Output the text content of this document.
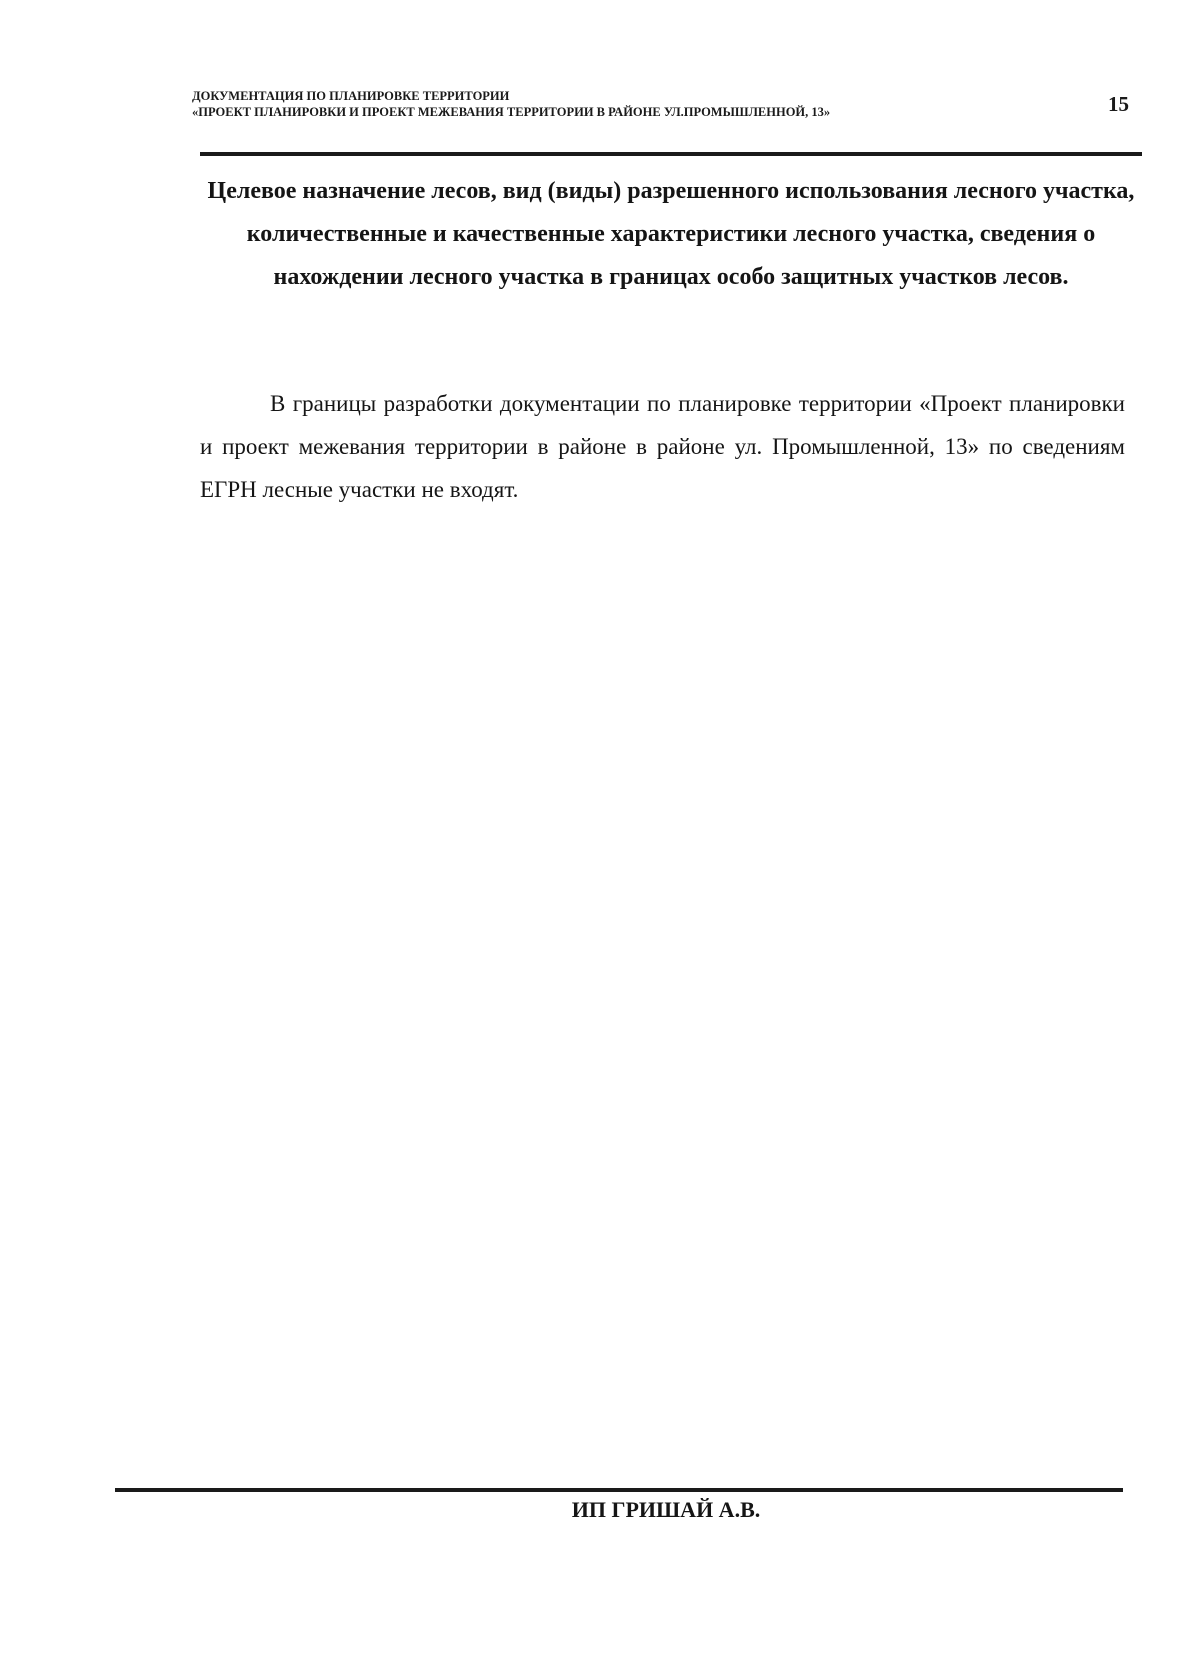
ДОКУМЕНТАЦИЯ ПО ПЛАНИРОВКЕ ТЕРРИТОРИИ
«ПРОЕКТ ПЛАНИРОВКИ И ПРОЕКТ МЕЖЕВАНИЯ ТЕРРИТОРИИ В РАЙОНЕ УЛ.ПРОМЫШЛЕННОЙ, 13»	15
Целевое назначение лесов, вид (виды) разрешенного использования лесного участка, количественные и качественные характеристики лесного участка, сведения о нахождении лесного участка в границах особо защитных участков лесов.
В границы разработки документации по планировке территории «Проект планировки и проект межевания территории в районе в районе ул. Промышленной, 13» по сведениям ЕГРН лесные участки не входят.
ИП ГРИШАЙ А.В.
